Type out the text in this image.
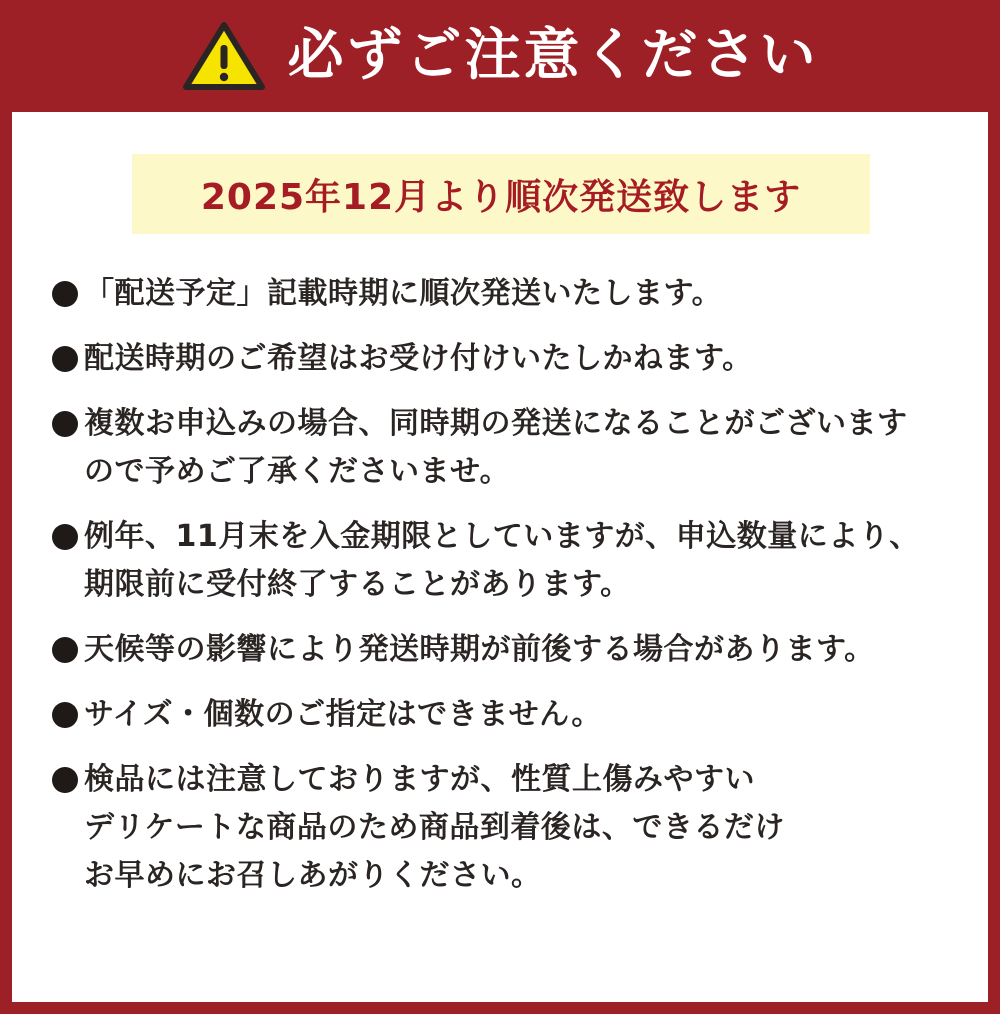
必ずご注意ください
2025年12月より順次発送致します
「配送予定」記載時期に順次発送いたします。
配送時期のご希望はお受け付けいたしかねます。
複数お申込みの場合、同時期の発送になることがございます
ので予めご了承くださいませ。
例年、11月末を入金期限としていますが、申込数量により、
期限前に受付終了することがあります。
天候等の影響により発送時期が前後する場合があります。
サイズ・個数のご指定はできません。
検品には注意しておりますが、性質上傷みやすい
デリケートな商品のため商品到着後は、できるだけ
お早めにお召しあがりください。
